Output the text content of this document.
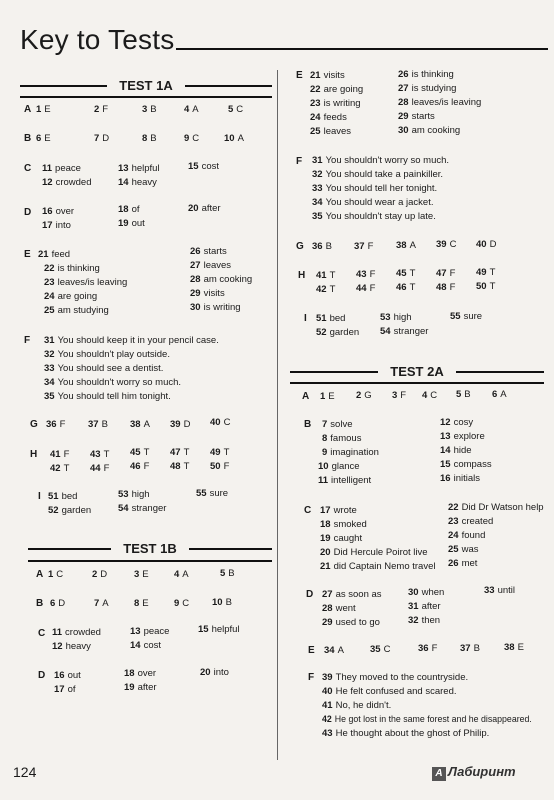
Key to Tests
TEST 1A
A 1 E	2 F	3 B	4 A	5 C
B 6 E	7 D	8 B	9 C	10 A
C 11 peace
12 crowded
13 helpful
14 heavy
15 cost
D 16 over
17 into
18 of
19 out
20 after
E 21 feed
22 is thinking
23 leaves/is leaving
24 are going
25 am studying
26 starts
27 leaves
28 am cooking
29 visits
30 is writing
F 31 You should keep it in your pencil case.
32 You shouldn't play outside.
33 You should see a dentist.
34 You shouldn't worry so much.
35 You should tell him tonight.
G 36 F 37 B 38 A 39 D 40 C
H 41 F
42 T
43 T
44 F
45 T
46 F
47 T
48 T
49 T
50 F
I 51 bed
52 garden
53 high
54 stranger
55 sure
TEST 1B
A 1 C	2 D	3 E	4 A	5 B
B 6 D	7 A	8 E	9 C 10 B
C 11 crowded
12 heavy
13 peace
14 cost
15 helpful
D 16 out
17 of
18 over
19 after
20 into
E 21 visits
22 are going
23 is writing
24 feeds
25 leaves
26 is thinking
27 is studying
28 leaves/is leaving
29 starts
30 am cooking
F 31 You shouldn't worry so much.
32 You should take a painkiller.
33 You should tell her tonight.
34 You should wear a jacket.
35 You shouldn't stay up late.
G 36 B 37 F 38 A 39 C 40 D
H 41 T
42 T
43 F
44 F
45 T
46 T
47 F
48 F
49 T
50 T
I 51 bed
52 garden
53 high
54 stranger
55 sure
TEST 2A
A 1 E 2 G 3 F 4 C 5 B 6 A
B 7 solve
8 famous
9 imagination
10 glance
11 intelligent
12 cosy
13 explore
14 hide
15 compass
16 initials
C 17 wrote
18 smoked
19 caught
20 Did Hercule Poirot live
21 did Captain Nemo travel
22 Did Dr Watson help
23 created
24 found
25 was
26 met
D 27 as soon as
28 went
29 used to go
30 when
31 after
32 then
33 until
E 34 A	35 C	36 F 37 B	38 E
F 39 They moved to the countryside.
40 He felt confused and scared.
41 No, he didn't.
42 He got lost in the same forest and he disappeared.
43 He thought about the ghost of Philip.
124	A Лабиринт
